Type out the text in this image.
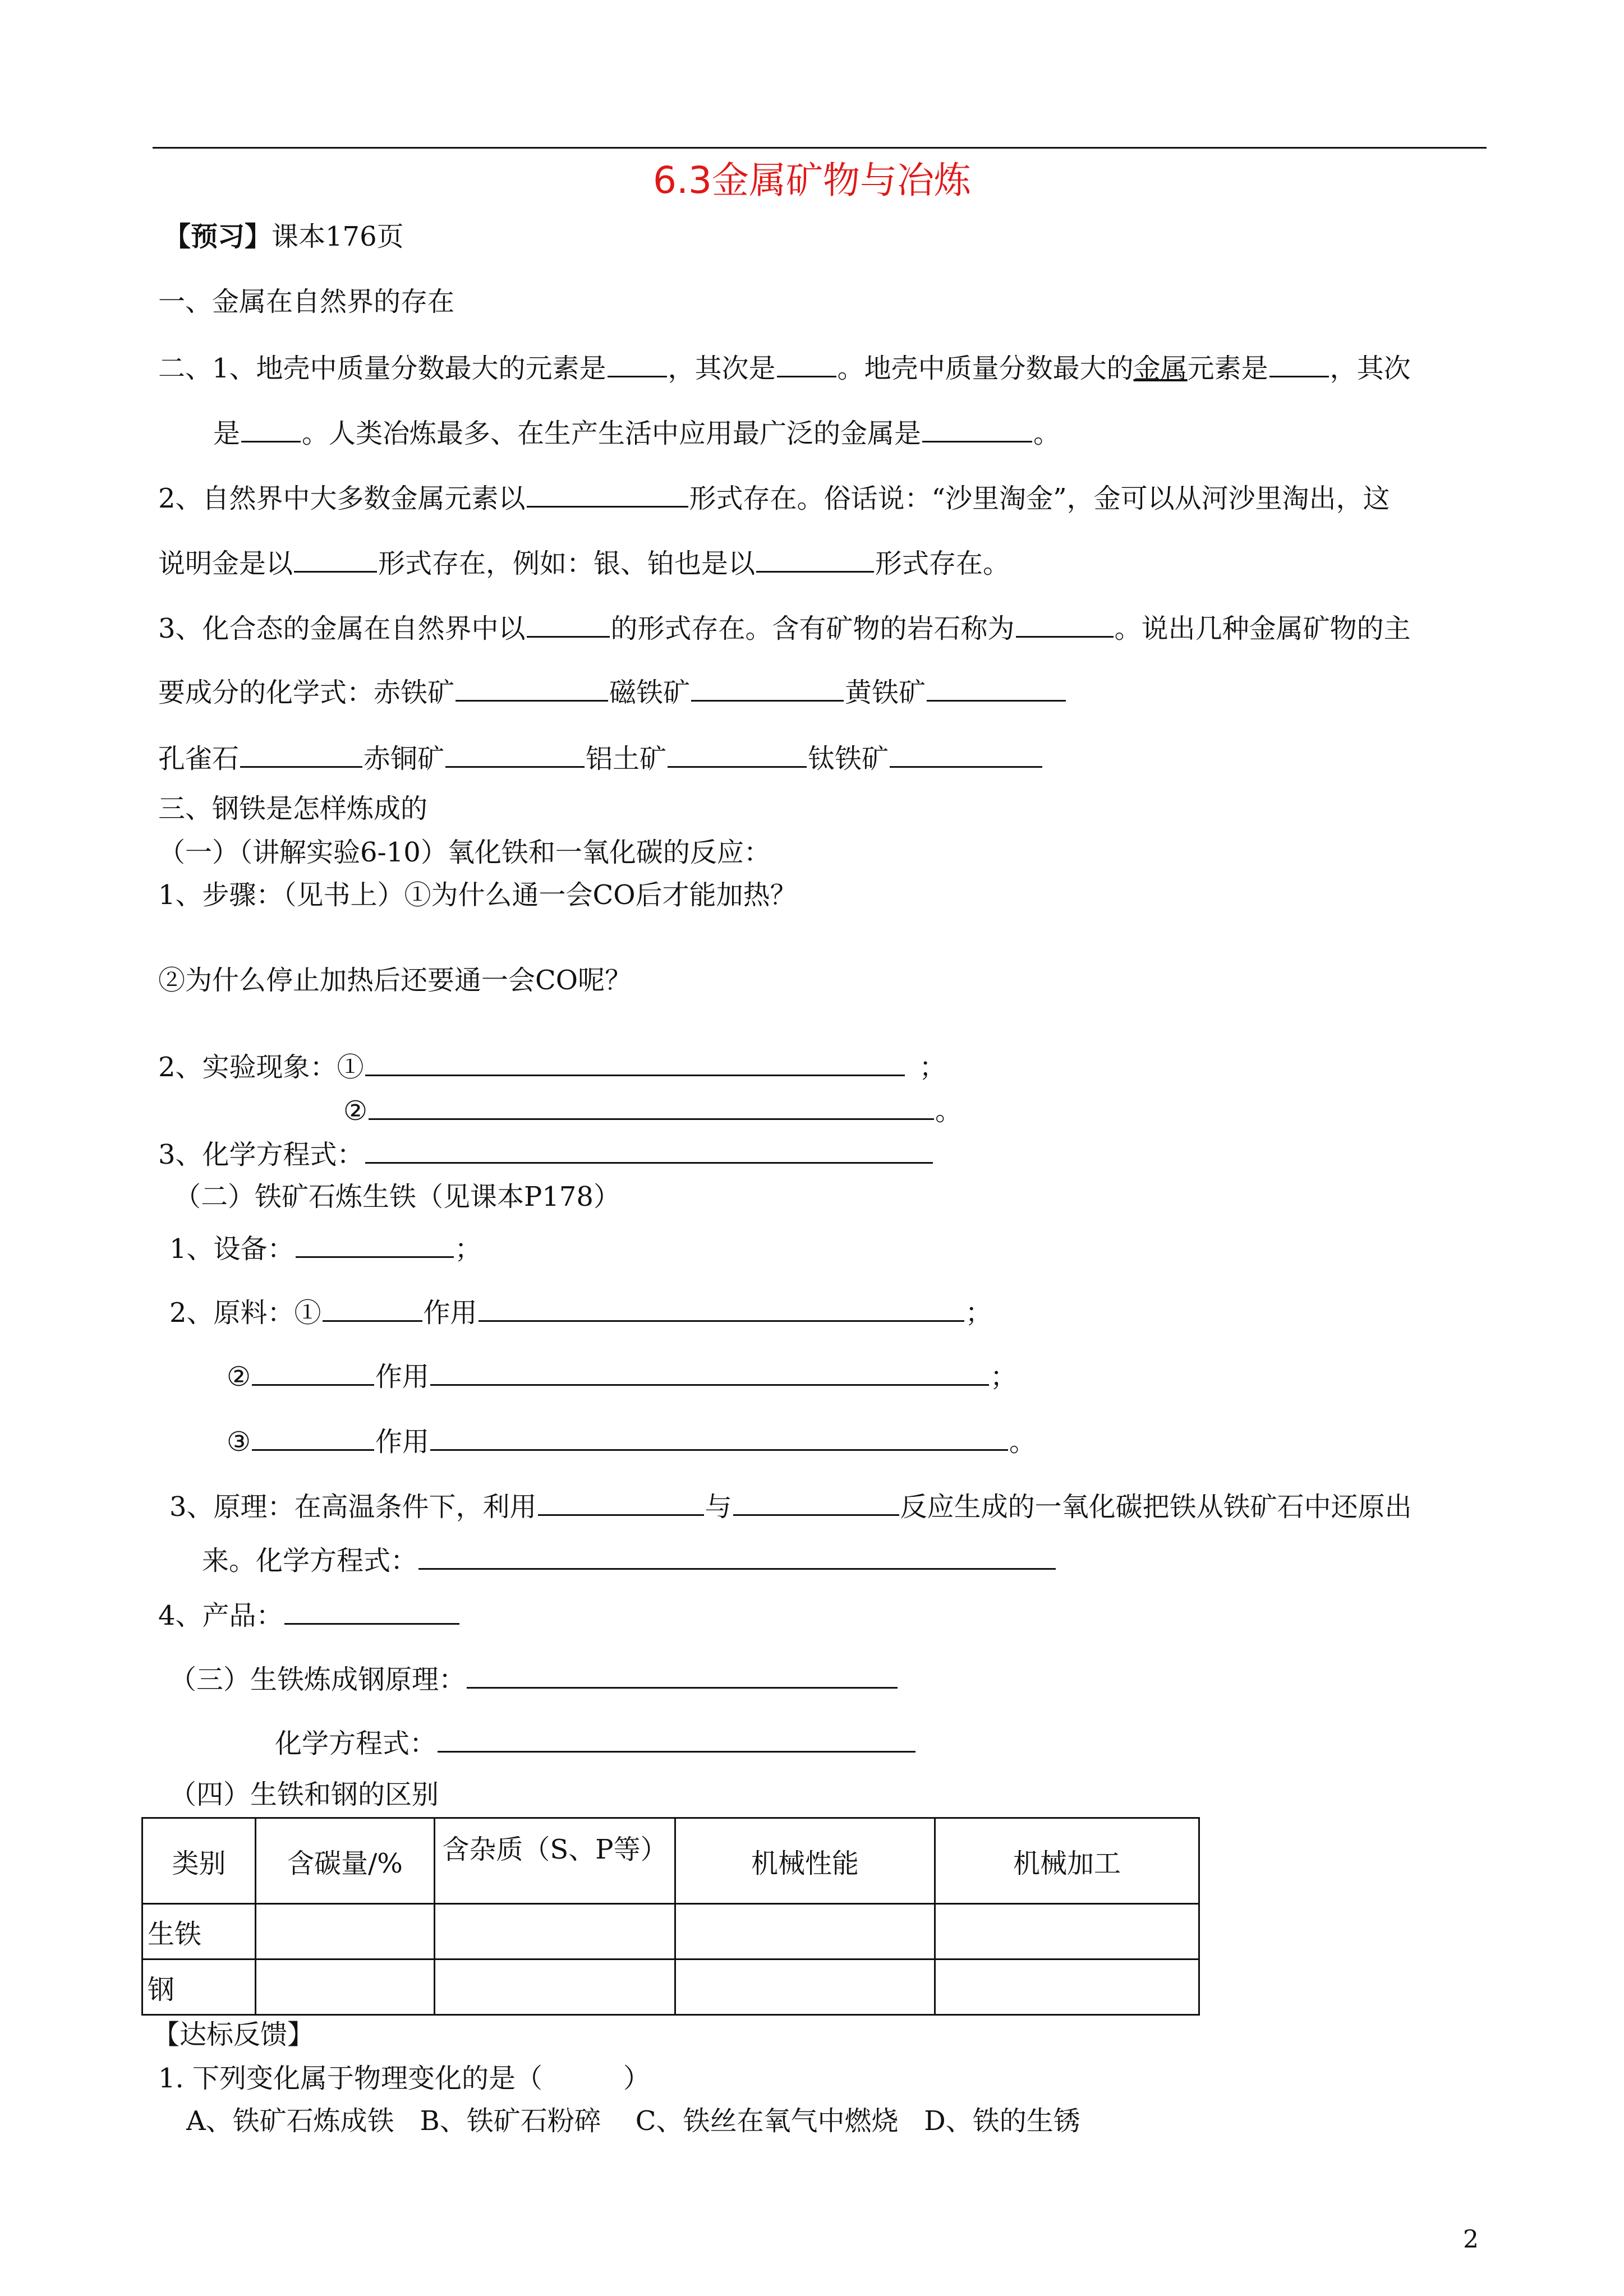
6.3金属矿物与冶炼
【预习】课本176页
一、金属在自然界的存在
二、1、地壳中质量分数最大的元素是 ，其次是 。地壳中质量分数最大的金属元素是 ，其次
是 。人类冶炼最多、在生产生活中应用最广泛的金属是	。
2、自然界中大多数金属元素以	形式存在。俗话说：“沙里淘金”，金可以从河沙里淘出，这
说明金是以	形式存在，例如：银、铂也是以	形式存在。
3、化合态的金属在自然界中以	的形式存在。含有矿物的岩石称为	。说出几种金属矿物的主
要成分的化学式：赤铁矿	磁铁矿	黄铁矿
孔雀石	赤铜矿	铝土矿	钛铁矿
三、钢铁是怎样炼成的
（一）（讲解实验6-10）氧化铁和一氧化碳的反应：
1、步骤：（见书上）①为什么通一会CO后才能加热？
②为什么停止加热后还要通一会CO呢？
2、实验现象：①	；
②	。
3、化学方程式：
（二）铁矿石炼生铁（见课本P178）
1、设备：	；
2、原料：①	作用	；
②	作用	；
③	作用	。
3、原理：在高温条件下，利用	与	反应生成的一氧化碳把铁从铁矿石中还原出
来。化学方程式：
4、产品：
（三）生铁炼成钢原理：
化学方程式：
（四）生铁和钢的区别
类别	含碳量/%	含杂质（S、P等）	机械性能	机械加工
生铁				
钢				
【达标反馈】
1. 下列变化属于物理变化的是（　　　）
A、铁矿石炼成铁   B、铁矿石粉碎    C、铁丝在氧气中燃烧   D、铁的生锈
2
